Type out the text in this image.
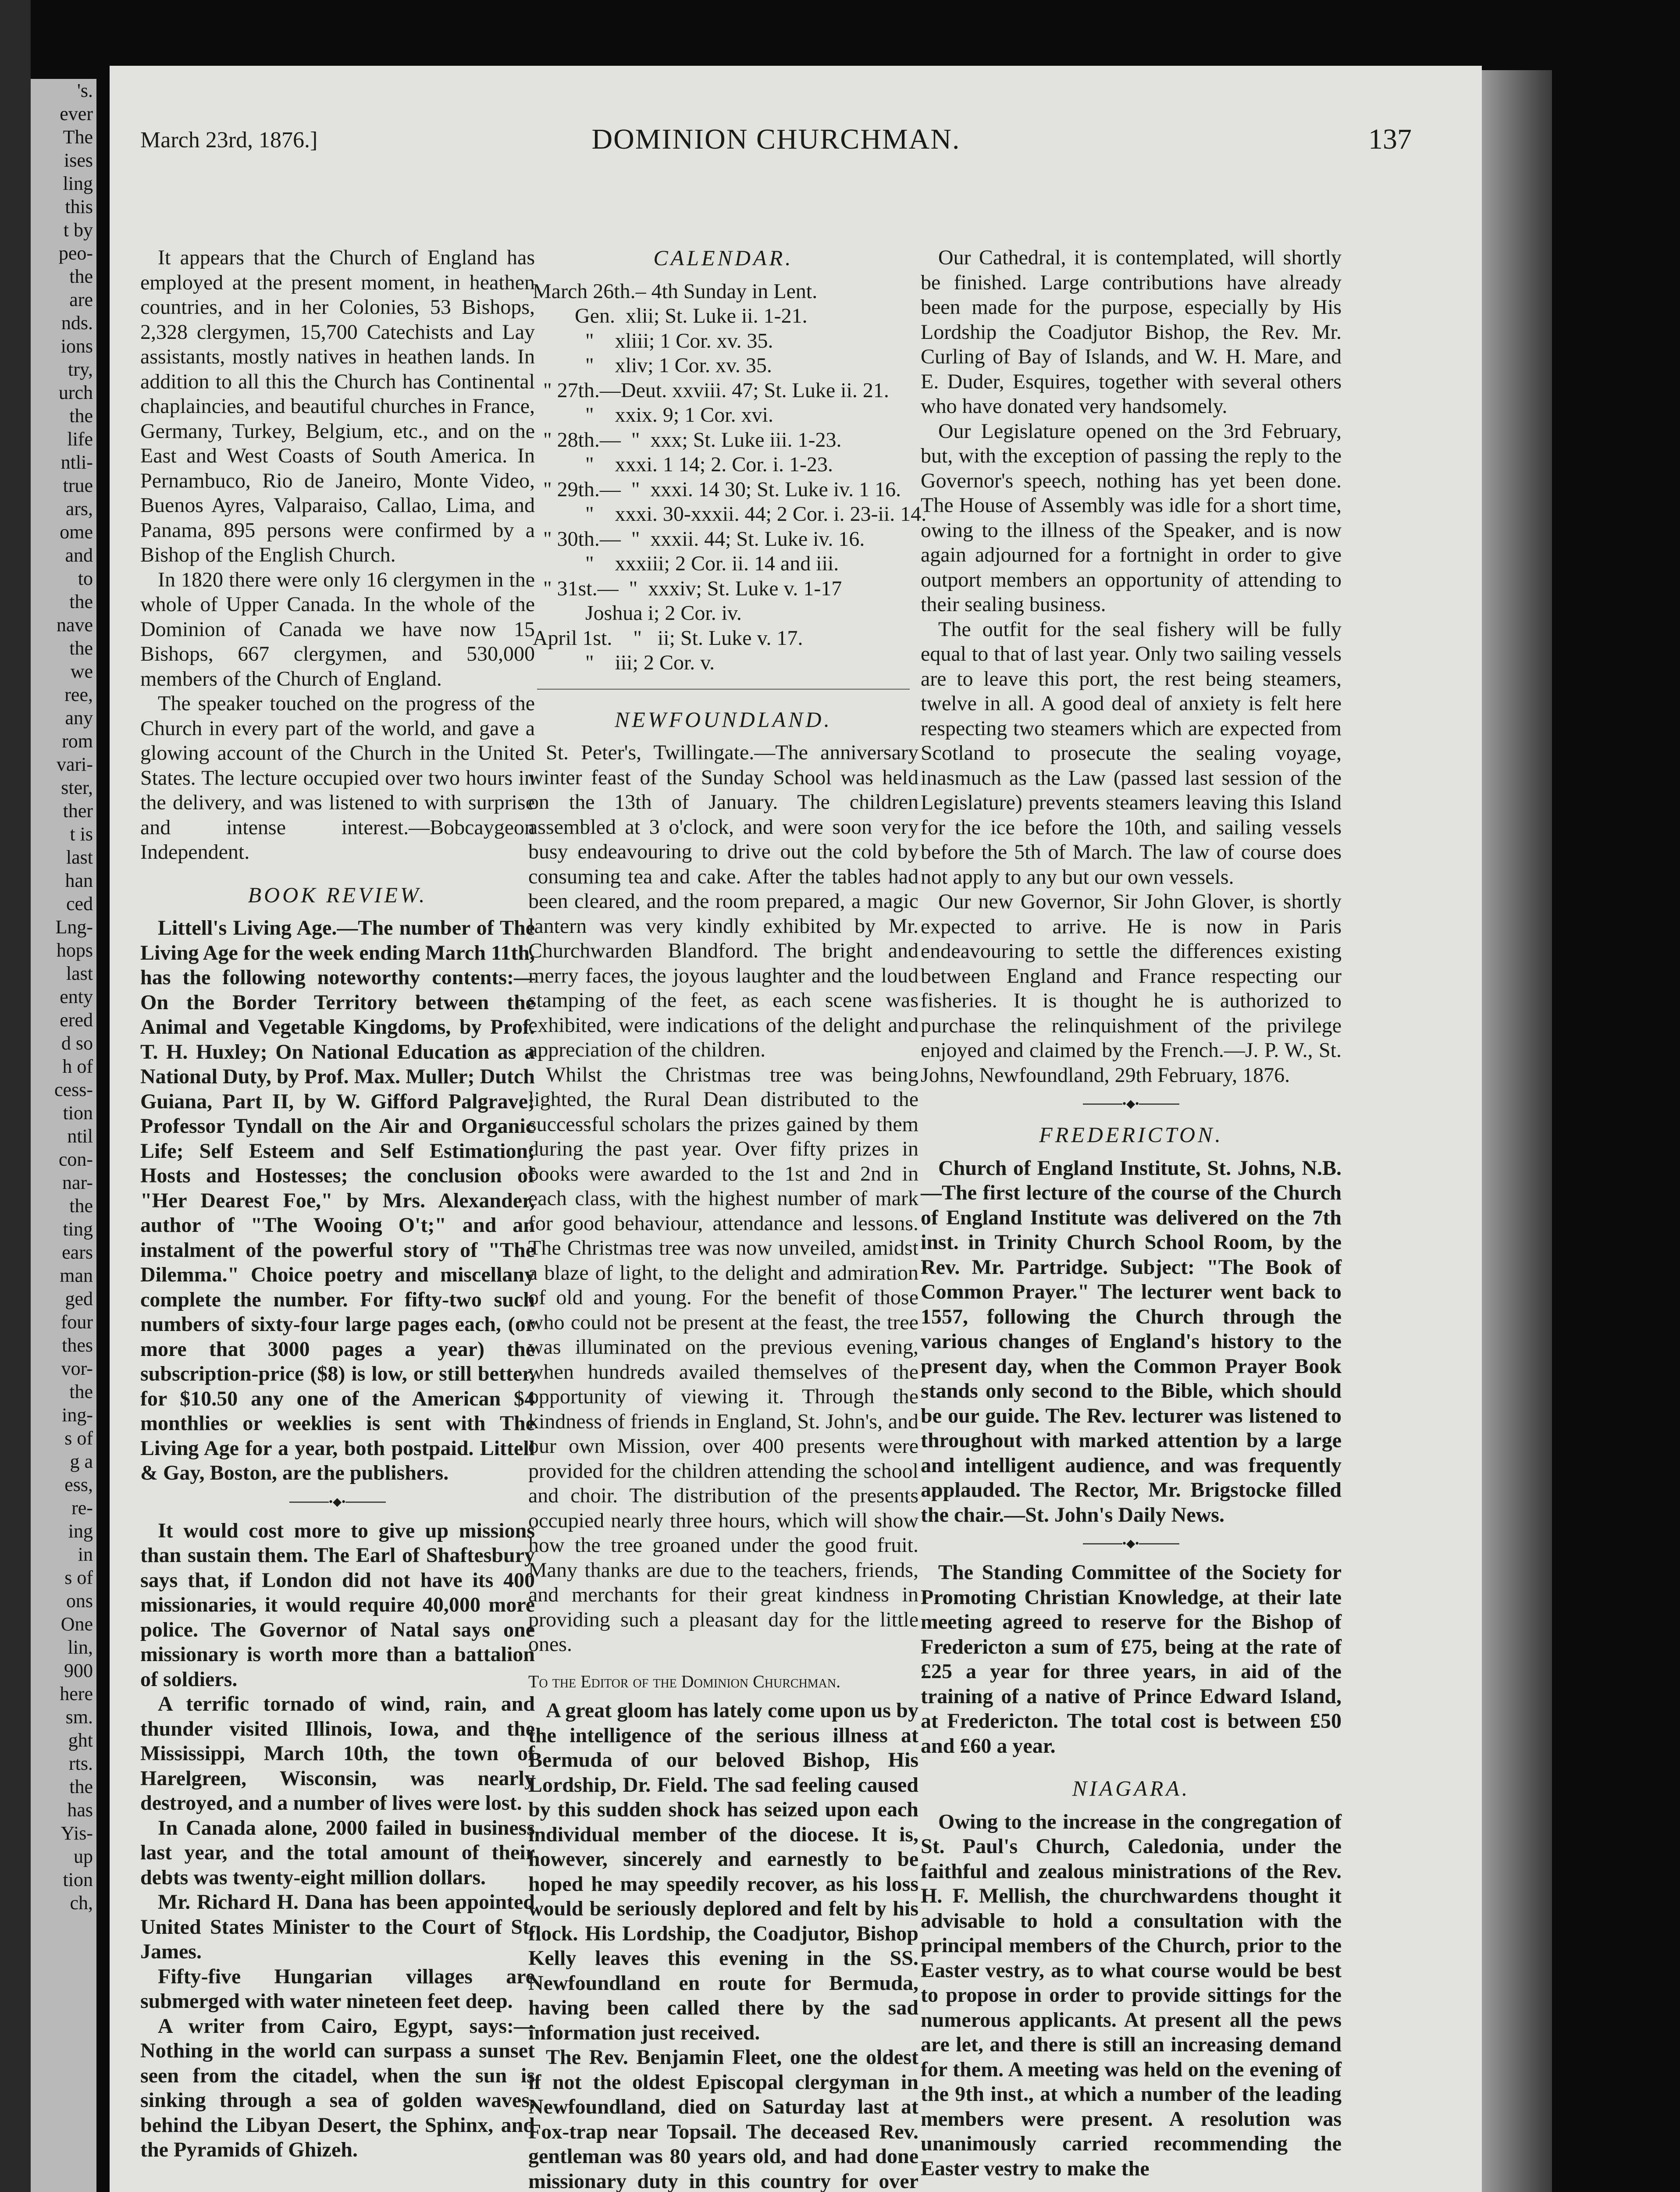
's.
ever
The
ises
ling
this
t by
peo-
the
are
nds.
ions
try,
urch
the
life
ntli-
true
ars,
ome
and
to
the
nave
the
we
ree,
any
rom
vari-
ster,
ther
t is
last
han
ced
Lng-
hops
last
enty
ered
d so
h of
cess-
tion
ntil
con-
nar-
the
ting
ears
man
ged
four
thes
vor-
the
ing-
s of
g a
ess,
re-
ing
in
s of
ons
One
lin,
900
here
sm.
ght
rts.
the
has
Yis-
up
tion
ch,
March 23rd, 1876.]	DOMINION CHURCHMAN.	137

It appears that the Church of England has employed at the present moment, in heathen countries, and in her Colonies, 53 Bishops, 2,328 clergymen, 15,700 Catechists and Lay assistants, mostly natives in heathen lands. In addition to all this the Church has Continental chaplaincies, and beautiful churches in France, Germany, Turkey, Belgium, etc., and on the East and West Coasts of South America. In Pernambuco, Rio de Janeiro, Monte Video, Buenos Ayres, Valparaiso, Callao, Lima, and Panama, 895 persons were confirmed by a Bishop of the English Church.

In 1820 there were only 16 clergymen in the whole of Upper Canada. In the whole of the Dominion of Canada we have now 15 Bishops, 667 clergymen, and 530,000 members of the Church of England.

The speaker touched on the progress of the Church in every part of the world, and gave a glowing account of the Church in the United States. The lecture occupied over two hours in the delivery, and was listened to with surprise and intense interest.—Bobcaygeon Independent.

BOOK REVIEW.

Littell's Living Age.—The number of The Living Age for the week ending March 11th, has the following noteworthy contents:—On the Border Territory between the Animal and Vegetable Kingdoms, by Prof. T. H. Huxley; On National Education as a National Duty, by Prof. Max. Muller; Dutch Guiana, Part II, by W. Gifford Palgrave; Professor Tyndall on the Air and Organic Life; Self Esteem and Self Estimation; Hosts and Hostesses; the conclusion of "Her Dearest Foe," by Mrs. Alexander, author of "The Wooing O't;" and an instalment of the powerful story of "The Dilemma." Choice poetry and miscellany complete the number. For fifty-two such numbers of sixty-four large pages each, (or more that 3000 pages a year) the subscription-price ($8) is low, or still better, for $10.50 any one of the American $4 monthlies or weeklies is sent with The Living Age for a year, both postpaid. Littell & Gay, Boston, are the publishers.

•◆•

It would cost more to give up missions than sustain them. The Earl of Shaftesbury says that, if London did not have its 400 missionaries, it would require 40,000 more police. The Governor of Natal says one missionary is worth more than a battalion of soldiers.

A terrific tornado of wind, rain, and thunder visited Illinois, Iowa, and the Mississippi, March 10th, the town of Harelgreen, Wisconsin, was nearly destroyed, and a number of lives were lost.

In Canada alone, 2000 failed in business last year, and the total amount of their debts was twenty-eight million dollars.

Mr. Richard H. Dana has been appointed United States Minister to the Court of St. James.

Fifty-five Hungarian villages are submerged with water nineteen feet deep.

A writer from Cairo, Egypt, says:— Nothing in the world can surpass a sunset seen from the citadel, when the sun is sinking through a sea of golden waves, behind the Libyan Desert, the Sphinx, and the Pyramids of Ghizeh.

CALENDAR.
March 26th.– 4th Sunday in Lent.
Gen.  xlii; St. Luke ii. 1-21.
"    xliii; 1 Cor. xv. 35.
"    xliv; 1 Cor. xv. 35.
" 27th.—Deut. xxviii. 47; St. Luke ii. 21.
"    xxix. 9; 1 Cor. xvi.
" 28th.—  "  xxx; St. Luke iii. 1-23.
"    xxxi. 1 14; 2. Cor. i. 1-23.
" 29th.—  "  xxxi. 14 30; St. Luke iv. 1 16.
"    xxxi. 30-xxxii. 44; 2 Cor. i. 23-ii. 14.
" 30th.—  "  xxxii. 44; St. Luke iv. 16.
"    xxxiii; 2 Cor. ii. 14 and iii.
" 31st.—  "  xxxiv; St. Luke v. 1-17
Joshua i; 2 Cor. iv.
April 1st.    "   ii; St. Luke v. 17.
"    iii; 2 Cor. v.
NEWFOUNDLAND.

St. Peter's, Twillingate.—The anniversary winter feast of the Sunday School was held on the 13th of January. The children assembled at 3 o'clock, and were soon very busy endeavouring to drive out the cold by consuming tea and cake. After the tables had been cleared, and the room prepared, a magic lantern was very kindly exhibited by Mr. Churchwarden Blandford. The bright and merry faces, the joyous laughter and the loud stamping of the feet, as each scene was exhibited, were indications of the delight and appreciation of the children.

Whilst the Christmas tree was being lighted, the Rural Dean distributed to the successful scholars the prizes gained by them during the past year. Over fifty prizes in books were awarded to the 1st and 2nd in each class, with the highest number of mark for good behaviour, attendance and lessons. The Christmas tree was now unveiled, amidst a blaze of light, to the delight and admiration of old and young. For the benefit of those who could not be present at the feast, the tree was illuminated on the previous evening, when hundreds availed themselves of the opportunity of viewing it. Through the kindness of friends in England, St. John's, and our own Mission, over 400 presents were provided for the children attending the school and choir. The distribution of the presents occupied nearly three hours, which will show how the tree groaned under the good fruit. Many thanks are due to the teachers, friends, and merchants for their great kindness in providing such a pleasant day for the little ones.

To the Editor of the Dominion Churchman.

A great gloom has lately come upon us by the intelligence of the serious illness at Bermuda of our beloved Bishop, His Lordship, Dr. Field. The sad feeling caused by this sudden shock has seized upon each individual member of the diocese. It is, however, sincerely and earnestly to be hoped he may speedily recover, as his loss would be seriously deplored and felt by his flock. His Lordship, the Coadjutor, Bishop Kelly leaves this evening in the SS. Newfoundland en route for Bermuda, having been called there by the sad information just received.

The Rev. Benjamin Fleet, one the oldest if not the oldest Episcopal clergyman in Newfoundland, died on Saturday last at Fox-trap near Topsail. The deceased Rev. gentleman was 80 years old, and had done missionary duty in this country for over

Our Cathedral, it is contemplated, will shortly be finished. Large contributions have already been made for the purpose, especially by His Lordship the Coadjutor Bishop, the Rev. Mr. Curling of Bay of Islands, and W. H. Mare, and E. Duder, Esquires, together with several others who have donated very handsomely.

Our Legislature opened on the 3rd February, but, with the exception of passing the reply to the Governor's speech, nothing has yet been done. The House of Assembly was idle for a short time, owing to the illness of the Speaker, and is now again adjourned for a fortnight in order to give outport members an opportunity of attending to their sealing business.

The outfit for the seal fishery will be fully equal to that of last year. Only two sailing vessels are to leave this port, the rest being steamers, twelve in all. A good deal of anxiety is felt here respecting two steamers which are expected from Scotland to prosecute the sealing voyage, inasmuch as the Law (passed last session of the Legislature) prevents steamers leaving this Island for the ice before the 10th, and sailing vessels before the 5th of March. The law of course does not apply to any but our own vessels.

Our new Governor, Sir John Glover, is shortly expected to arrive. He is now in Paris endeavouring to settle the differences existing between England and France respecting our fisheries. It is thought he is authorized to purchase the relinquishment of the privilege enjoyed and claimed by the French.—J. P. W., St. Johns, Newfoundland, 29th February, 1876.

•◆•
FREDERICTON.

Church of England Institute, St. Johns, N.B.—The first lecture of the course of the Church of England Institute was delivered on the 7th inst. in Trinity Church School Room, by the Rev. Mr. Partridge. Subject: "The Book of Common Prayer." The lecturer went back to 1557, following the Church through the various changes of England's history to the present day, when the Common Prayer Book stands only second to the Bible, which should be our guide. The Rev. lecturer was listened to throughout with marked attention by a large and intelligent audience, and was frequently applauded. The Rector, Mr. Brigstocke filled the chair.—St. John's Daily News.

•◆•

The Standing Committee of the Society for Promoting Christian Knowledge, at their late meeting agreed to reserve for the Bishop of Fredericton a sum of £75, being at the rate of £25 a year for three years, in aid of the training of a native of Prince Edward Island, at Fredericton. The total cost is between £50 and £60 a year.

NIAGARA.

Owing to the increase in the congregation of St. Paul's Church, Caledonia, under the faithful and zealous ministrations of the Rev. H. F. Mellish, the churchwardens thought it advisable to hold a consultation with the principal members of the Church, prior to the Easter vestry, as to what course would be best to propose in order to provide sittings for the numerous applicants. At present all the pews are let, and there is still an increasing demand for them. A meeting was held on the evening of the 9th inst., at which a number of the leading members were present. A resolution was unanimously carried recommending the Easter vestry to make the
